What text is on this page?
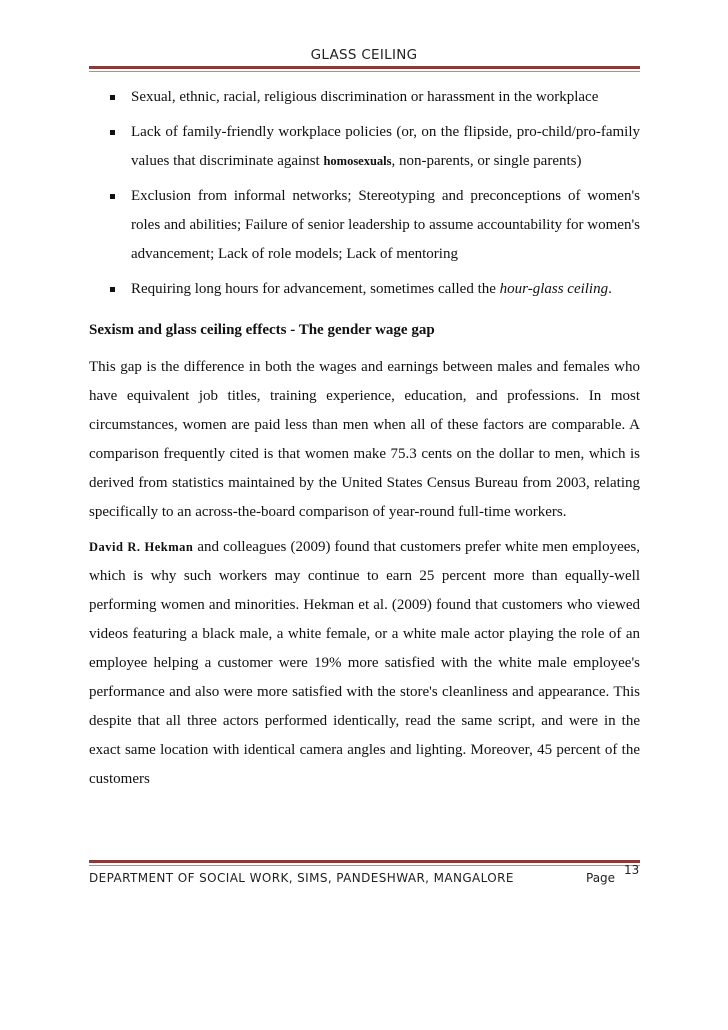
GLASS CEILING
Sexual, ethnic, racial, religious discrimination or harassment in the workplace
Lack of family-friendly workplace policies (or, on the flipside, pro-child/pro-family values that discriminate against homosexuals, non-parents, or single parents)
Exclusion from informal networks; Stereotyping and preconceptions of women's roles and abilities; Failure of senior leadership to assume accountability for women's advancement; Lack of role models; Lack of mentoring
Requiring long hours for advancement, sometimes called the hour-glass ceiling.
Sexism and glass ceiling effects - The gender wage gap

This gap is the difference in both the wages and earnings between males and females who have equivalent job titles, training experience, education, and professions. In most circumstances, women are paid less than men when all of these factors are comparable. A comparison frequently cited is that women make 75.3 cents on the dollar to men, which is derived from statistics maintained by the United States Census Bureau from 2003, relating specifically to an across-the-board comparison of year-round full-time workers.

David R. Hekman and colleagues (2009) found that customers prefer white men employees, which is why such workers may continue to earn 25 percent more than equally-well performing women and minorities. Hekman et al. (2009) found that customers who viewed videos featuring a black male, a white female, or a white male actor playing the role of an employee helping a customer were 19% more satisfied with the white male employee's performance and also were more satisfied with the store's cleanliness and appearance. This despite that all three actors performed identically, read the same script, and were in the exact same location with identical camera angles and lighting. Moreover, 45 percent of the customers

DEPARTMENT OF SOCIAL WORK, SIMS, PANDESHWAR, MANGALORE	Page
13
